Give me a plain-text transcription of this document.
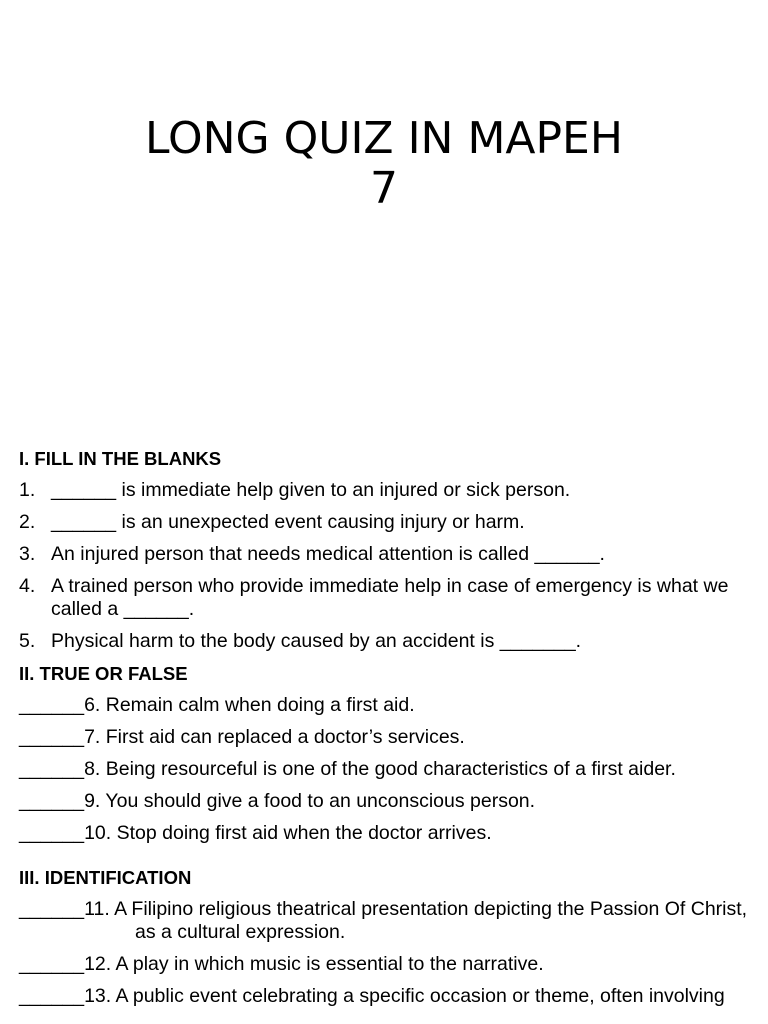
LONG QUIZ IN MAPEH
7
I. FILL IN THE BLANKS
1. ______ is immediate help given to an injured or sick person.
2. ______ is an unexpected event causing injury or harm.
3. An injured person that needs medical attention is called ______.
4. A trained person who provide immediate help in case of emergency is what we called a ______.
5. Physical harm to the body caused by an accident is _______.
II. TRUE OR FALSE
______6. Remain calm when doing a first aid.
______7. First aid can replaced a doctor’s services.
______8. Being resourceful is one of the good characteristics of a first aider.
______9. You should give a food to an unconscious person.
______10. Stop doing first aid when the doctor arrives.
III. IDENTIFICATION
______11. A Filipino religious theatrical presentation depicting the Passion Of Christ, as a cultural expression.
______12. A play in which music is essential to the narrative.
______13. A public event celebrating a specific occasion or theme, often involving
